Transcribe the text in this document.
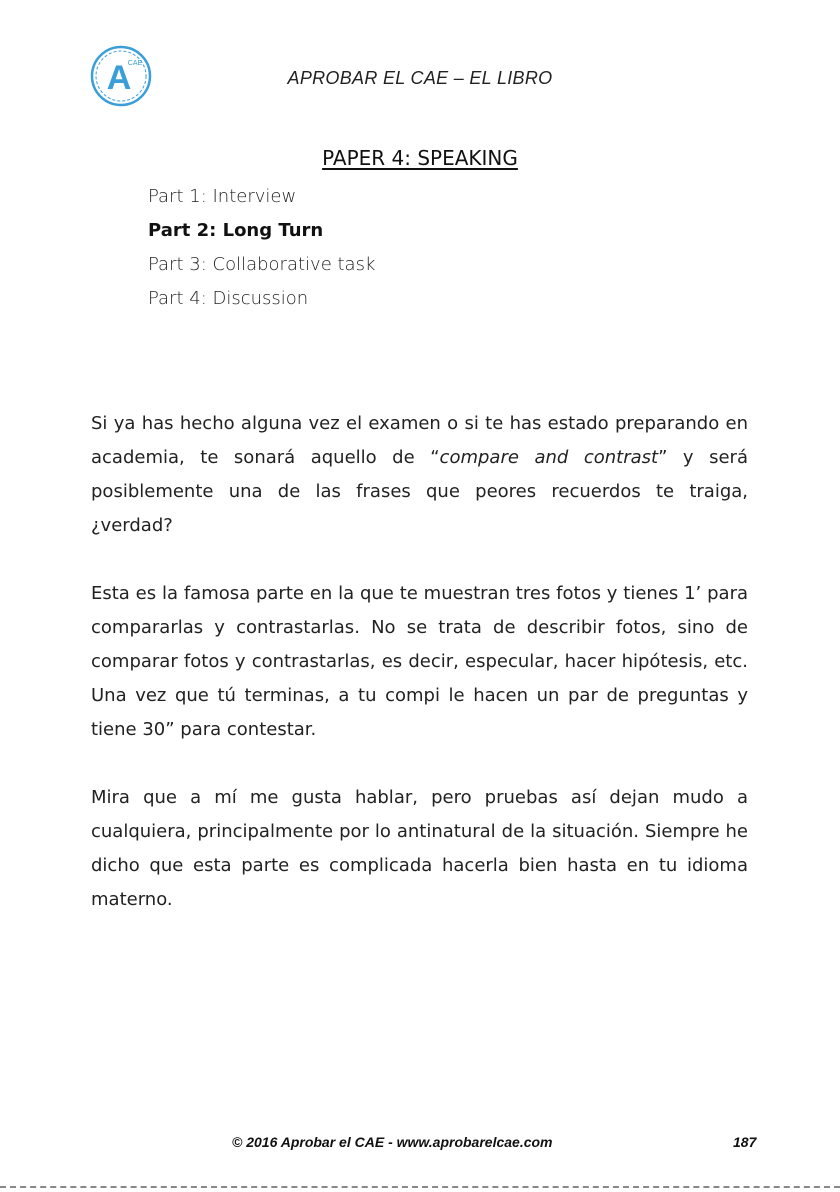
A
CAE
APROBAR EL CAE – EL LIBRO
PAPER 4: SPEAKING
Part 1: Interview
Part 2: Long Turn
Part 3: Collaborative task
Part 4: Discussion

Si ya has hecho alguna vez el examen o si te has estado preparando en academia, te sonará aquello de “compare and contrast” y será posiblemente una de las frases que peores recuerdos te traiga, ¿verdad?

Esta es la famosa parte en la que te muestran tres fotos y tienes 1’ para compararlas y contrastarlas. No se trata de describir fotos, sino de comparar fotos y contrastarlas, es decir, especular, hacer hipótesis, etc. Una vez que tú terminas, a tu compi le hacen un par de preguntas y tiene 30” para contestar.

Mira que a mí me gusta hablar, pero pruebas así dejan mudo a cualquiera, principalmente por lo antinatural de la situación. Siempre he dicho que esta parte es complicada hacerla bien hasta en tu idioma materno.

© 2016 Aprobar el CAE - www.aprobarelcae.com	187
